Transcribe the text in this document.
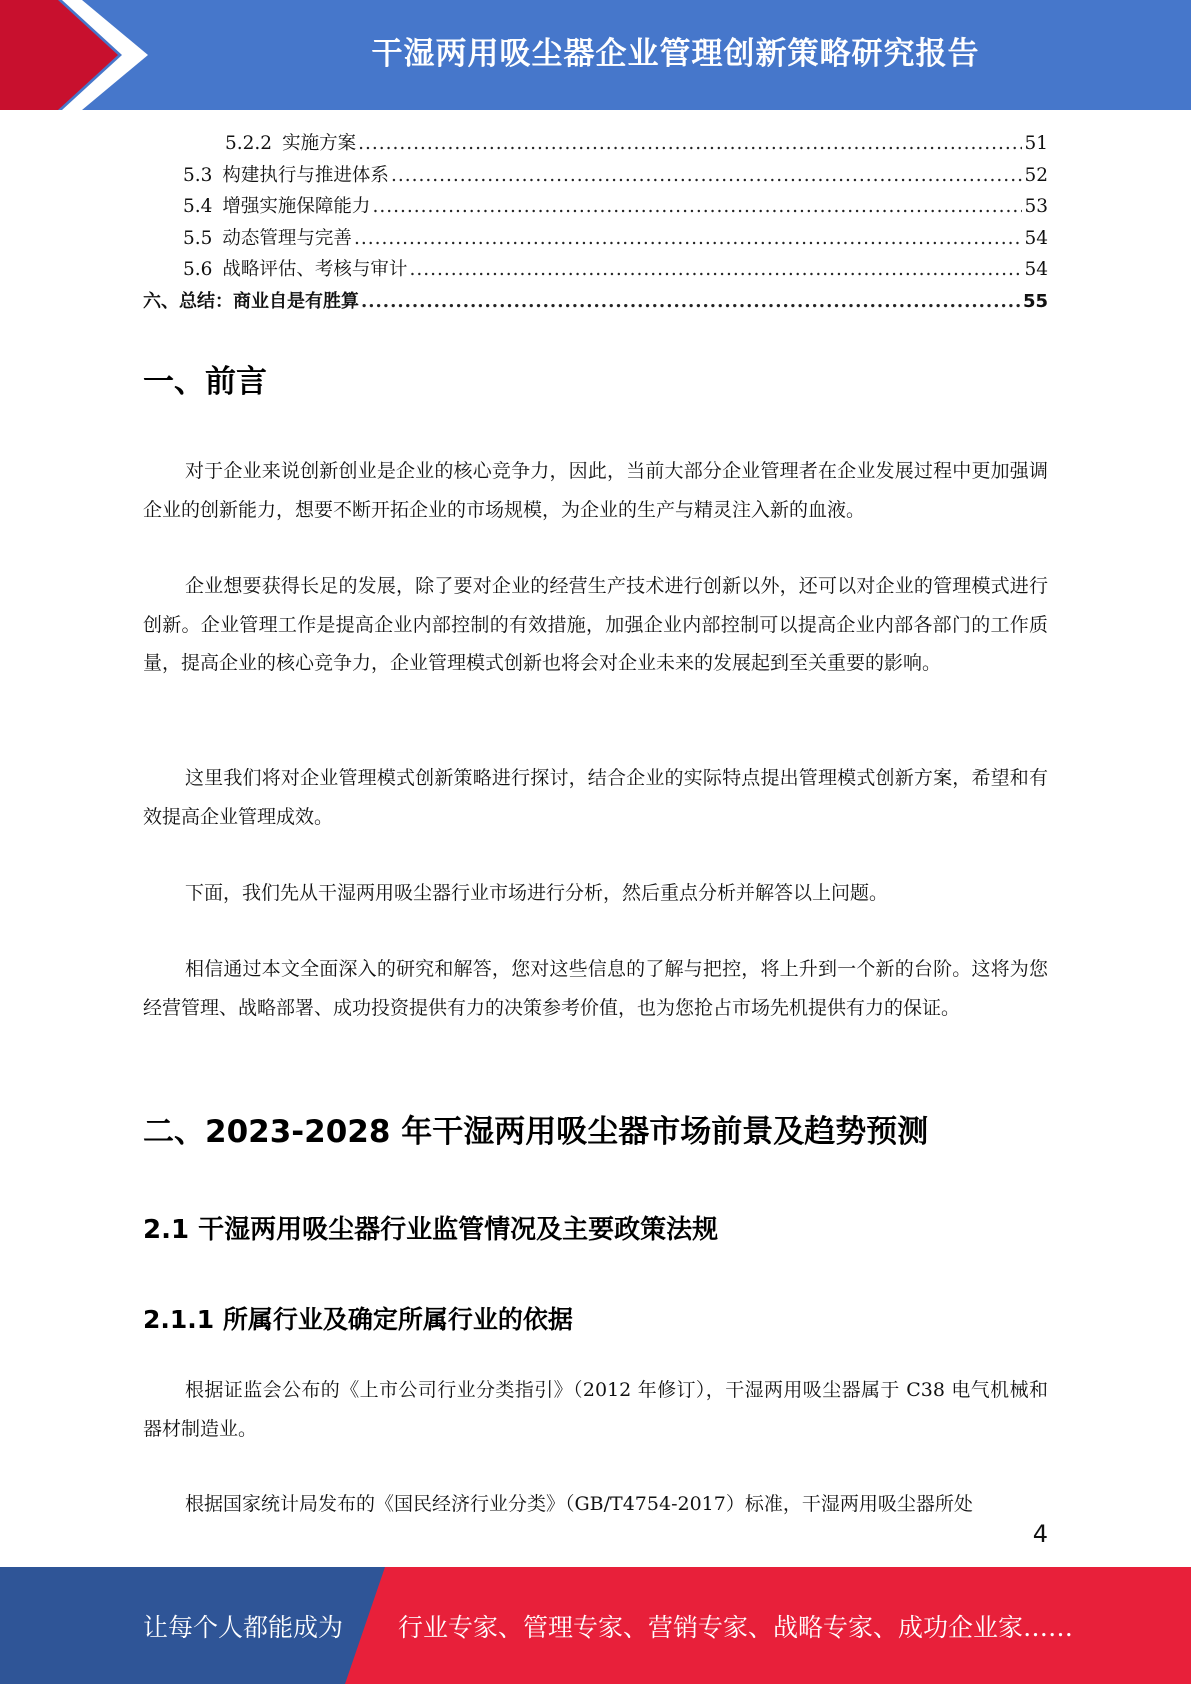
干湿两用吸尘器企业管理创新策略研究报告
5.2.2 实施方案 .....	51
5.3 构建执行与推进体系 .....	52
5.4 增强实施保障能力 .....	53
5.5 动态管理与完善 .....	54
5.6 战略评估、考核与审计 .....	54
六、总结：商业自是有胜算 .....	55
一、前言

对于企业来说创新创业是企业的核心竞争力，因此，当前大部分企业管理者在企业发展过程中更加强调企业的创新能力，想要不断开拓企业的市场规模，为企业的生产与精灵注入新的血液。

企业想要获得长足的发展，除了要对企业的经营生产技术进行创新以外，还可以对企业的管理模式进行创新。企业管理工作是提高企业内部控制的有效措施，加强企业内部控制可以提高企业内部各部门的工作质量，提高企业的核心竞争力，企业管理模式创新也将会对企业未来的发展起到至关重要的影响。

这里我们将对企业管理模式创新策略进行探讨，结合企业的实际特点提出管理模式创新方案，希望和有效提高企业管理成效。

下面，我们先从干湿两用吸尘器行业市场进行分析，然后重点分析并解答以上问题。

相信通过本文全面深入的研究和解答，您对这些信息的了解与把控，将上升到一个新的台阶。这将为您经营管理、战略部署、成功投资提供有力的决策参考价值，也为您抢占市场先机提供有力的保证。

二、2023-2028 年干湿两用吸尘器市场前景及趋势预测
2.1 干湿两用吸尘器行业监管情况及主要政策法规
2.1.1 所属行业及确定所属行业的依据

根据证监会公布的《上市公司行业分类指引》（2012 年修订），干湿两用吸尘器属于 C38 电气机械和器材制造业。

根据国家统计局发布的《国民经济行业分类》（GB/T4754-2017）标准，干湿两用吸尘器所处

4
让每个人都能成为 行业专家、管理专家、营销专家、战略专家、成功企业家……
